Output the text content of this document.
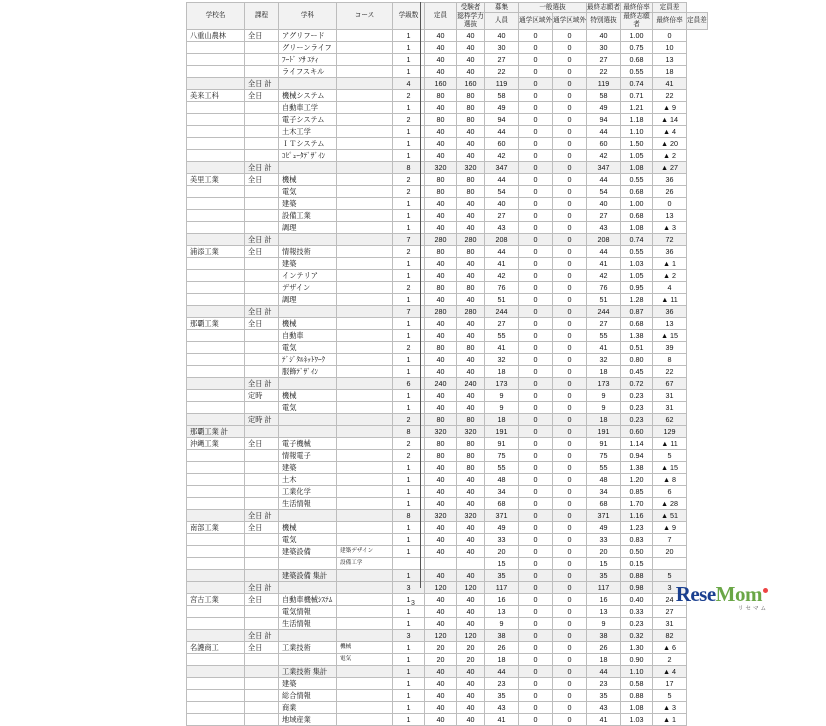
学校名	課程	学科	コース	学級数	定員	受験者	募集	一般選抜		最終志願者	最終倍率	定員差	
						総枠学力選抜	人員	通学区域外	通学区域外	特別選抜	最終志願者	最終倍率	定員差
八重山農林	全日	アグリフード		1	40	40	40	0	0	40	1.00	0	
		グリーンライフ		1	40	40	30	0	0	30	0.75	10	
		ﾌｰﾄﾞ ｿｻ ｴﾃｨ		1	40	40	27	0	0	27	0.68	13	
		ライフスキル		1	40	40	22	0	0	22	0.55	18	
	全日 計			4	160	160	119	0	0	119	0.74	41	
美来工科	全日	機械システム		2	80	80	58	0	0	58	0.71	22	
		自動車工学		1	40	80	49	0	0	49	1.21	▲ 9	
		電子システム		2	80	80	94	0	0	94	1.18	▲ 14	
		土木工学		1	40	40	44	0	0	44	1.10	▲ 4	
		ＩＴシステム		1	40	40	60	0	0	60	1.50	▲ 20	
		ｺﾋﾟｭｰﾀﾃﾞｻﾞｲﾝ		1	40	40	42	0	0	42	1.05	▲ 2	
	全日 計			8	320	320	347	0	0	347	1.08	▲ 27	
美里工業	全日	機械		2	80	80	44	0	0	44	0.55	36	
		電気		2	80	80	54	0	0	54	0.68	26	
		建築		1	40	40	40	0	0	40	1.00	0	
		設備工業		1	40	40	27	0	0	27	0.68	13	
		調理		1	40	40	43	0	0	43	1.08	▲ 3	
	全日 計			7	280	280	208	0	0	208	0.74	72	
浦添工業	全日	情報技術		2	80	80	44	0	0	44	0.55	36	
		建築		1	40	40	41	0	0	41	1.03	▲ 1	
		インテリア		1	40	40	42	0	0	42	1.05	▲ 2	
		デザイン		2	80	80	76	0	0	76	0.95	4	
		調理		1	40	40	51	0	0	51	1.28	▲ 11	
	全日 計			7	280	280	244	0	0	244	0.87	36	
那覇工業	全日	機械		1	40	40	27	0	0	27	0.68	13	
		自動車		1	40	40	55	0	0	55	1.38	▲ 15	
		電気		2	80	80	41	0	0	41	0.51	39	
		ﾃﾞｼﾞﾀﾙﾈｯﾄﾜｰｸ		1	40	40	32	0	0	32	0.80	8	
		服飾ﾃﾞｻﾞｲﾝ		1	40	40	18	0	0	18	0.45	22	
	全日 計			6	240	240	173	0	0	173	0.72	67	
	定時	機械		1	40	40	9	0	0	9	0.23	31	
		電気		1	40	40	9	0	0	9	0.23	31	
	定時 計			2	80	80	18	0	0	18	0.23	62	
那覇工業 計				8	320	320	191	0	0	191	0.60	129	
沖縄工業	全日	電子機械		2	80	80	91	0	0	91	1.14	▲ 11	
		情報電子		2	80	80	75	0	0	75	0.94	5	
		建築		1	40	80	55	0	0	55	1.38	▲ 15	
		土木		1	40	40	48	0	0	48	1.20	▲ 8	
		工業化学		1	40	40	34	0	0	34	0.85	6	
		生活情報		1	40	40	68	0	0	68	1.70	▲ 28	
	全日 計			8	320	320	371	0	0	371	1.16	▲ 51	
南部工業	全日	機械		1	40	40	49	0	0	49	1.23	▲ 9	
		電気		1	40	40	33	0	0	33	0.83	7	
		建築設備	建築デザイン	1	40	40	20	0	0	20	0.50	20	
			設備工学				15	0	0	15	0.15		
		建築設備 集計		1	40	40	35	0	0	35	0.88	5	
	全日 計			3	120	120	117	0	0	117	0.98	3	
宮古工業	全日	自動車機械ｼｽﾃﾑ		1	40	40	16	0	0	16	0.40	24	
		電気情報		1	40	40	13	0	0	13	0.33	27	
		生活情報		1	40	40	9	0	0	9	0.23	31	
	全日 計			3	120	120	38	0	0	38	0.32	82	
名護商工	全日	工業技術	機械	1	20	20	26	0	0	26	1.30	▲ 6	
			電気	1	20	20	18	0	0	18	0.90	2	
		工業技術 集計		1	40	40	44	0	0	44	1.10	▲ 4	
		建築		1	40	40	23	0	0	23	0.58	17	
		総合情報		1	40	40	35	0	0	35	0.88	5	
		商業		1	40	40	43	0	0	43	1.08	▲ 3	
		地域産業		1	40	40	41	0	0	41	1.03	▲ 1	
3	ReseMom
リセマム
